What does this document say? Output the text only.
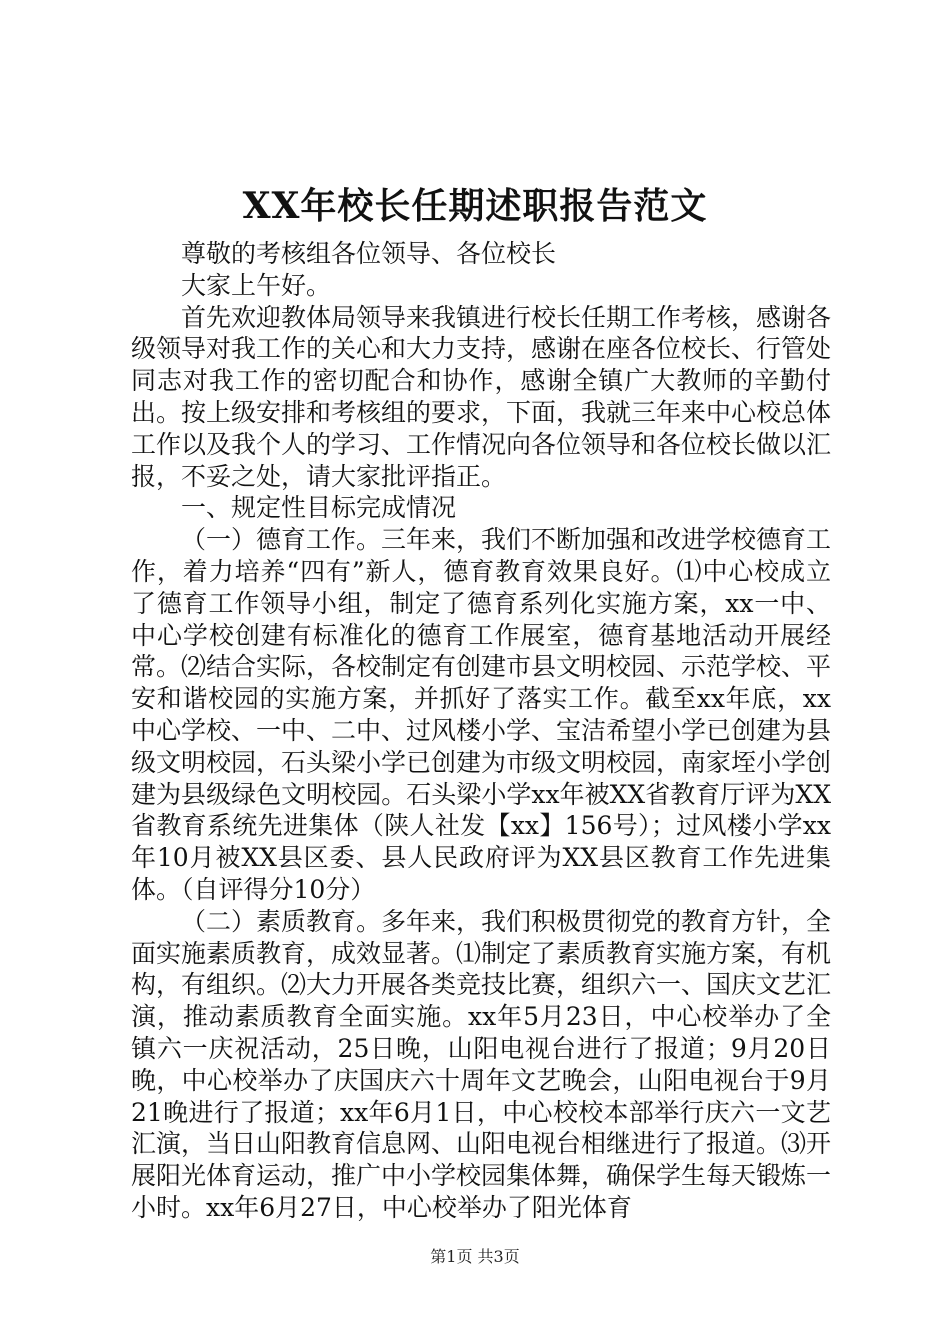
XX年校长任期述职报告范文

尊敬的考核组各位领导、各位校长

大家上午好。

首先欢迎教体局领导来我镇进行校长任期工作考核，感谢各级领导对我工作的关心和大力支持，感谢在座各位校长、行管处同志对我工作的密切配合和协作，感谢全镇广大教师的辛勤付出。按上级安排和考核组的要求，下面，我就三年来中心校总体工作以及我个人的学习、工作情况向各位领导和各位校长做以汇报，不妥之处，请大家批评指正。

一、规定性目标完成情况

（一）德育工作。三年来，我们不断加强和改进学校德育工作，着力培养“四有”新人，德育教育效果良好。⑴中心校成立了德育工作领导小组，制定了德育系列化实施方案，xx一中、中心学校创建有标准化的德育工作展室，德育基地活动开展经常。⑵结合实际，各校制定有创建市县文明校园、示范学校、平安和谐校园的实施方案，并抓好了落实工作。截至xx年底，xx中心学校、一中、二中、过风楼小学、宝洁希望小学已创建为县级文明校园，石头梁小学已创建为市级文明校园，南家垤小学创建为县级绿色文明校园。石头梁小学xx年被XX省教育厅评为XX省教育系统先进集体（陕人社发【xx】156号）；过风楼小学xx年10月被XX县区委、县人民政府评为XX县区教育工作先进集体。（自评得分10分）

（二）素质教育。多年来，我们积极贯彻党的教育方针，全面实施素质教育，成效显著。⑴制定了素质教育实施方案，有机构，有组织。⑵大力开展各类竞技比赛，组织六一、国庆文艺汇演，推动素质教育全面实施。xx年5月23日，中心校举办了全镇六一庆祝活动，25日晚，山阳电视台进行了报道；9月20日晚，中心校举办了庆国庆六十周年文艺晚会，山阳电视台于9月21晚进行了报道；xx年6月1日，中心校校本部举行庆六一文艺汇演，当日山阳教育信息网、山阳电视台相继进行了报道。⑶开展阳光体育运动，推广中小学校园集体舞，确保学生每天锻炼一小时。xx年6月27日，中心校举办了阳光体育

第1页 共3页
